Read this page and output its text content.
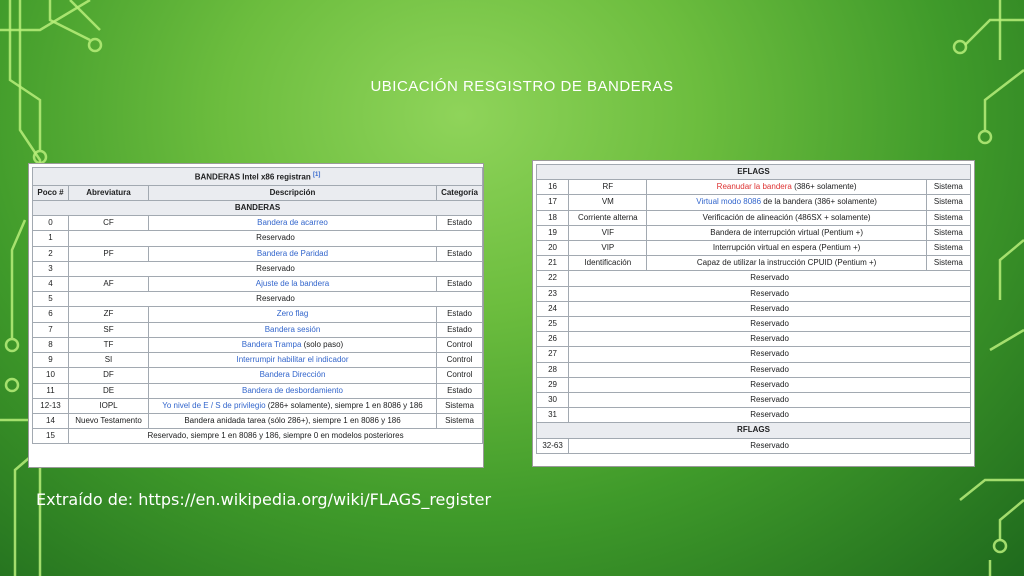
UBICACIÓN RESGISTRO DE BANDERAS
BANDERAS Intel x86 registran [1]
Poco #	Abreviatura	Descripción	Categoría
BANDERAS			
0	CF	Bandera de acarreo	Estado
1	Reservado		
2	PF	Bandera de Paridad	Estado
3	Reservado		
4	AF	Ajuste de la bandera	Estado
5	Reservado		
6	ZF	Zero flag	Estado
7	SF	Bandera sesión	Estado
8	TF	Bandera Trampa (solo paso)	Control
9	SI	Interrumpir habilitar el indicador	Control
10	DF	Bandera Dirección	Control
11	DE	Bandera de desbordamiento	Estado
12-13	IOPL	Yo nivel de E / S de privilegio (286+ solamente), siempre 1 en 8086 y 186	Sistema
14	Nuevo Testamento	Bandera anidada tarea (sólo 286+), siempre 1 en 8086 y 186	Sistema
15	Reservado, siempre 1 en 8086 y 186, siempre 0 en modelos posteriores		
EFLAGS			
16	RF	Reanudar la bandera (386+ solamente)	Sistema
17	VM	Virtual modo 8086 de la bandera (386+ solamente)	Sistema
18	Corriente alterna	Verificación de alineación (486SX + solamente)	Sistema
19	VIF	Bandera de interrupción virtual (Pentium +)	Sistema
20	VIP	Interrupción virtual en espera (Pentium +)	Sistema
21	Identificación	Capaz de utilizar la instrucción CPUID (Pentium +)	Sistema
22	Reservado		
23	Reservado		
24	Reservado		
25	Reservado		
26	Reservado		
27	Reservado		
28	Reservado		
29	Reservado		
30	Reservado		
31	Reservado		
RFLAGS			
32-63	Reservado		
Extraído de: https://en.wikipedia.org/wiki/FLAGS_register
